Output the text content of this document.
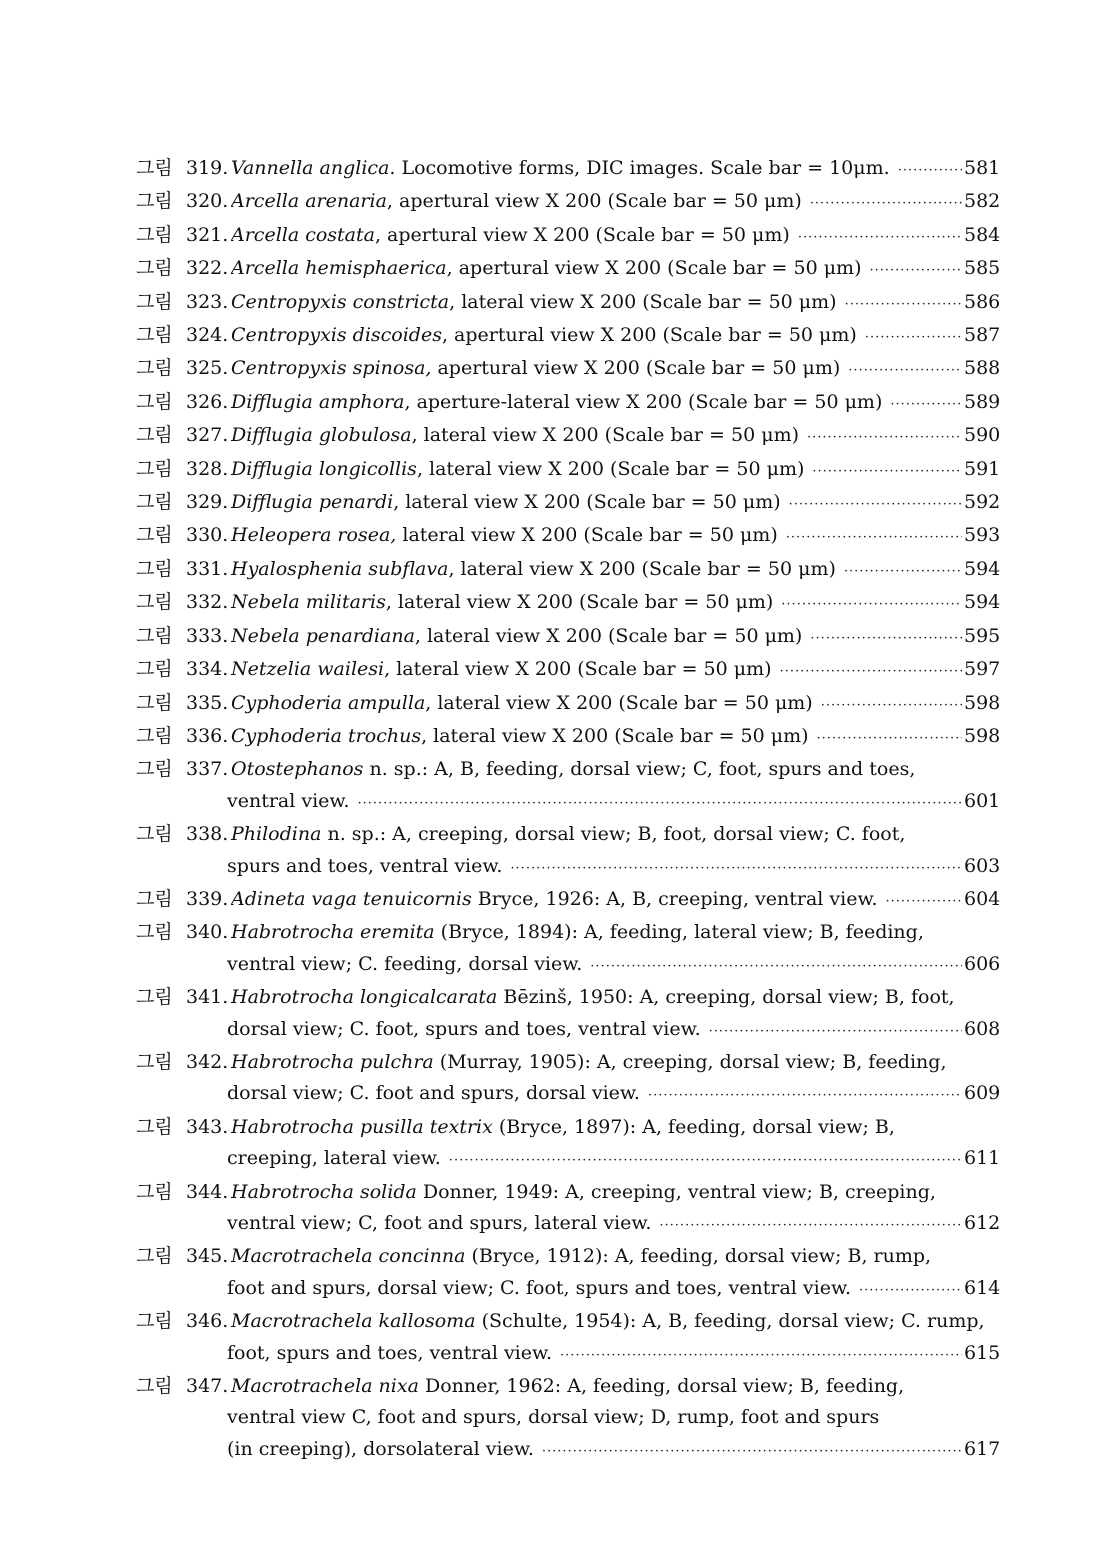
그림 319. Vannella anglica. Locomotive forms, DIC images. Scale bar = 10μm. ·····	581
그림 320. Arcella arenaria, apertural view X 200 (Scale bar = 50 μm) ·····	582
그림 321. Arcella costata, apertural view X 200 (Scale bar = 50 μm) ·····	584
그림 322. Arcella hemisphaerica, apertural view X 200 (Scale bar = 50 μm) ·····	585
그림 323. Centropyxis constricta, lateral view X 200 (Scale bar = 50 μm) ·····	586
그림 324. Centropyxis discoides, apertural view X 200 (Scale bar = 50 μm) ·····	587
그림 325. Centropyxis spinosa, apertural view X 200 (Scale bar = 50 μm) ·····	588
그림 326. Difflugia amphora, aperture-lateral view X 200 (Scale bar = 50 μm) ·····	589
그림 327. Difflugia globulosa, lateral view X 200 (Scale bar = 50 μm) ·····	590
그림 328. Difflugia longicollis, lateral view X 200 (Scale bar = 50 μm) ·····	591
그림 329. Difflugia penardi, lateral view X 200 (Scale bar = 50 μm) ·····	592
그림 330. Heleopera rosea, lateral view X 200 (Scale bar = 50 μm) ·····	593
그림 331. Hyalosphenia subflava, lateral view X 200 (Scale bar = 50 μm) ·····	594
그림 332. Nebela militaris, lateral view X 200 (Scale bar = 50 μm) ·····	594
그림 333. Nebela penardiana, lateral view X 200 (Scale bar = 50 μm) ·····	595
그림 334. Netzelia wailesi, lateral view X 200 (Scale bar = 50 μm) ·····	597
그림 335. Cyphoderia ampulla, lateral view X 200 (Scale bar = 50 μm) ·····	598
그림 336. Cyphoderia trochus, lateral view X 200 (Scale bar = 50 μm) ·····	598
그림 337. Otostephanos n. sp.: A, B, feeding, dorsal view; C, foot, spurs and toes,
ventral view. ·····	601
그림 338. Philodina n. sp.: A, creeping, dorsal view; B, foot, dorsal view; C. foot,
spurs and toes, ventral view. ·····	603
그림 339. Adineta vaga tenuicornis Bryce, 1926: A, B, creeping, ventral view. ·····	604
그림 340. Habrotrocha eremita (Bryce, 1894): A, feeding, lateral view; B, feeding,
ventral view; C. feeding, dorsal view. ·····	606
그림 341. Habrotrocha longicalcarata Bēzinš, 1950: A, creeping, dorsal view; B, foot,
dorsal view; C. foot, spurs and toes, ventral view. ·····	608
그림 342. Habrotrocha pulchra (Murray, 1905): A, creeping, dorsal view; B, feeding,
dorsal view; C. foot and spurs, dorsal view. ·····	609
그림 343. Habrotrocha pusilla textrix (Bryce, 1897): A, feeding, dorsal view; B,
creeping, lateral view. ·····	611
그림 344. Habrotrocha solida Donner, 1949: A, creeping, ventral view; B, creeping,
ventral view; C, foot and spurs, lateral view. ·····	612
그림 345. Macrotrachela concinna (Bryce, 1912): A, feeding, dorsal view; B, rump,
foot and spurs, dorsal view; C. foot, spurs and toes, ventral view. ·····	614
그림 346. Macrotrachela kallosoma (Schulte, 1954): A, B, feeding, dorsal view; C. rump,
foot, spurs and toes, ventral view. ·····	615
그림 347. Macrotrachela nixa Donner, 1962: A, feeding, dorsal view; B, feeding,
ventral view C, foot and spurs, dorsal view; D, rump, foot and spurs
(in creeping), dorsolateral view. ·····	617
